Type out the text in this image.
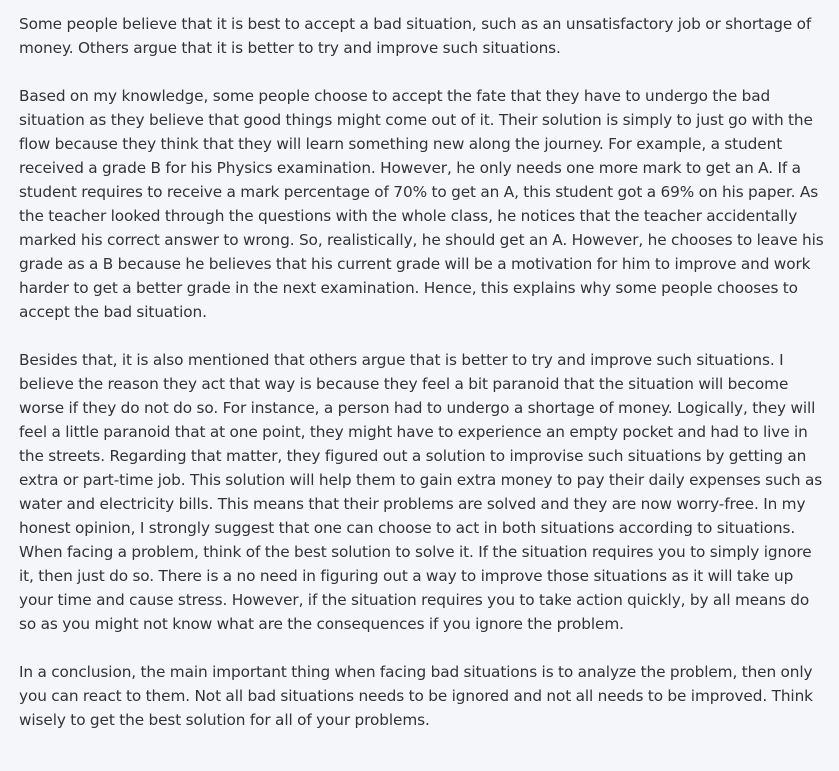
Some people believe that it is best to accept a bad situation, such as an unsatisfactory job or shortage of money. Others argue that it is better to try and improve such situations.

Based on my knowledge, some people choose to accept the fate that they have to undergo the bad situation as they believe that good things might come out of it. Their solution is simply to just go with the flow because they think that they will learn something new along the journey. For example, a student received a grade B for his Physics examination. However, he only needs one more mark to get an A. If a student requires to receive a mark percentage of 70% to get an A, this student got a 69% on his paper. As the teacher looked through the questions with the whole class, he notices that the teacher accidentally marked his correct answer to wrong. So, realistically, he should get an A. However, he chooses to leave his grade as a B because he believes that his current grade will be a motivation for him to improve and work harder to get a better grade in the next examination. Hence, this explains why some people chooses to accept the bad situation.

Besides that, it is also mentioned that others argue that is better to try and improve such situations. I believe the reason they act that way is because they feel a bit paranoid that the situation will become worse if they do not do so. For instance, a person had to undergo a shortage of money. Logically, they will feel a little paranoid that at one point, they might have to experience an empty pocket and had to live in the streets. Regarding that matter, they figured out a solution to improvise such situations by getting an extra or part-time job. This solution will help them to gain extra money to pay their daily expenses such as water and electricity bills. This means that their problems are solved and they are now worry-free. In my honest opinion, I strongly suggest that one can choose to act in both situations according to situations. When facing a problem, think of the best solution to solve it. If the situation requires you to simply ignore it, then just do so. There is a no need in figuring out a way to improve those situations as it will take up your time and cause stress. However, if the situation requires you to take action quickly, by all means do so as you might not know what are the consequences if you ignore the problem.

In a conclusion, the main important thing when facing bad situations is to analyze the problem, then only you can react to them. Not all bad situations needs to be ignored and not all needs to be improved. Think wisely to get the best solution for all of your problems.
